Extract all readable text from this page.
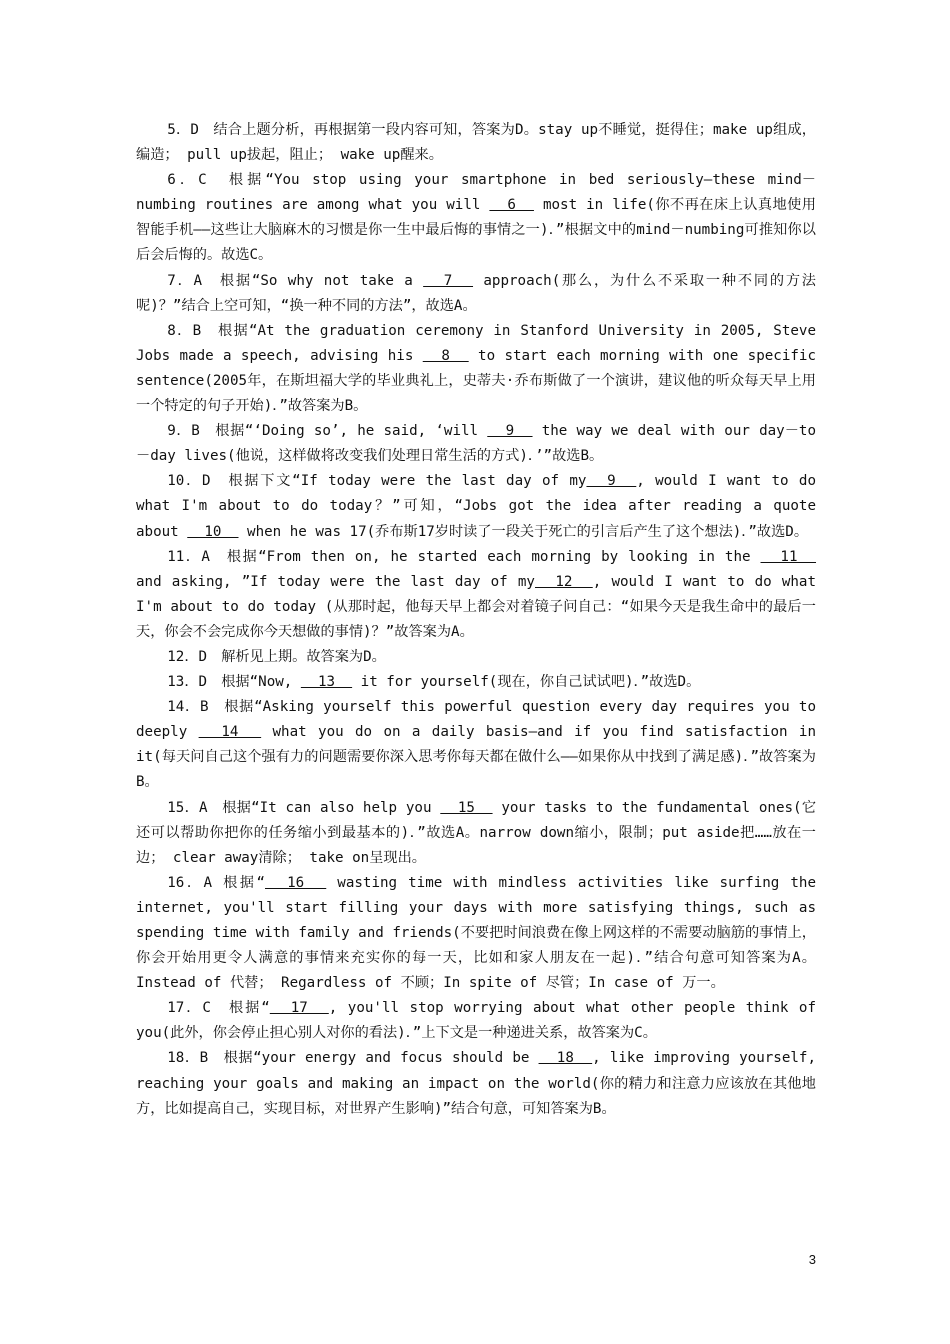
5．D　结合上题分析，再根据第一段内容可知，答案为D。stay up不睡觉，挺得住；make up组成，编造； pull up拔起，阻止； wake up醒来。

6．C　根据“You stop using your smartphone in bed seriously—these mind－numbing routines are among what you will   6   most in life(你不再在床上认真地使用智能手机——这些让大脑麻木的习惯是你一生中最后悔的事情之一)．”根据文中的mind－numbing可推知你以后会后悔的。故选C。

7．A　根据“So why not take a   7   approach(那么，为什么不采取一种不同的方法呢)？”结合上空可知，“换一种不同的方法”，故选A。

8．B　根据“At the graduation ceremony in Stanford University in 2005, Steve Jobs made a speech, advising his   8   to start each morning with one specific sentence(2005年，在斯坦福大学的毕业典礼上，史蒂夫·乔布斯做了一个演讲，建议他的听众每天早上用一个特定的句子开始)．”故答案为B。

9．B　根据“‘Doing so’, he said, ‘will   9   the way we deal with our day－to－day lives(他说，这样做将改变我们处理日常生活的方式)．’”故选B。

10．D　根据下文“If today were the last day of my  9  , would I want to do what I'm about to do today？”可知，“Jobs got the idea after reading a quote about   10   when he was 17(乔布斯17岁时读了一段关于死亡的引言后产生了这个想法)．”故选D。

11．A　根据“From then on, he started each morning by looking in the   11   and asking, ”If today were the last day of my  12  , would I want to do what I'm about to do today (从那时起，他每天早上都会对着镜子问自己：“如果今天是我生命中的最后一天，你会不会完成你今天想做的事情)？”故答案为A。

12．D　解析见上期。故答案为D。

13．D　根据“Now,   13   it for yourself(现在，你自己试试吧)．”故选D。

14．B　根据“Asking yourself this powerful question every day requires you to deeply   14   what you do on a daily basis—and if you find satisfaction in it(每天问自己这个强有力的问题需要你深入思考你每天都在做什么——如果你从中找到了满足感)．”故答案为B。

15．A　根据“It can also help you   15   your tasks to the fundamental ones(它还可以帮助你把你的任务缩小到最基本的)．”故选A。narrow down缩小，限制；put aside把……放在一边； clear away清除； take on呈现出。

16．A 根据“  16   wasting time with mindless activities like surfing the internet, you'll start filling your days with more satisfying things, such as spending time with family and friends(不要把时间浪费在像上网这样的不需要动脑筋的事情上，你会开始用更令人满意的事情来充实你的每一天，比如和家人朋友在一起)．”结合句意可知答案为A。Instead of 代替； Regardless of 不顾；In spite of 尽管；In case of 万一。

17．C　根据“  17  , you'll stop worrying about what other people think of you(此外，你会停止担心别人对你的看法)．”上下文是一种递进关系，故答案为C。

18．B　根据“your energy and focus should be   18  , like improving yourself, reaching your goals and making an impact on the world(你的精力和注意力应该放在其他地方，比如提高自己，实现目标，对世界产生影响)”结合句意，可知答案为B。

3
